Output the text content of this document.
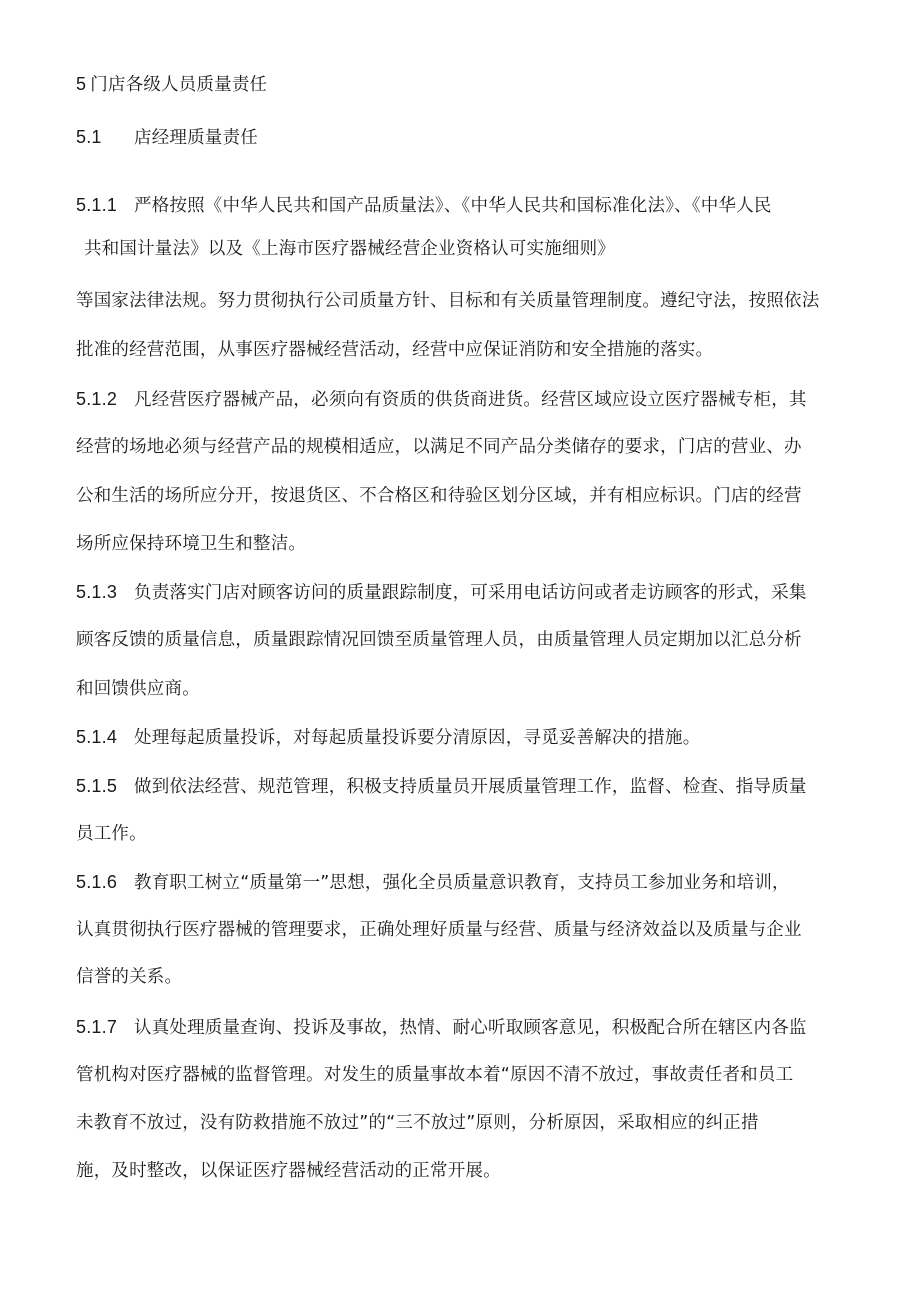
5 门店各级人员质量责任
5.1 店经理质量责任
5.1.1 严格按照《中华人民共和国产品质量法》、《中华人民共和国标准化法》、《中华人民
共和国计量法》以及《上海市医疗器械经营企业资格认可实施细则》
等国家法律法规。努力贯彻执行公司质量方针、目标和有关质量管理制度。遵纪守法，按照依法
批准的经营范围，从事医疗器械经营活动，经营中应保证消防和安全措施的落实。
5.1.2 凡经营医疗器械产品，必须向有资质的供货商进货。经营区域应设立医疗器械专柜，其
经营的场地必须与经营产品的规模相适应，以满足不同产品分类储存的要求，门店的营业、办
公和生活的场所应分开，按退货区、不合格区和待验区划分区域，并有相应标识。门店的经营
场所应保持环境卫生和整洁。
5.1.3 负责落实门店对顾客访问的质量跟踪制度，可采用电话访问或者走访顾客的形式，采集
顾客反馈的质量信息，质量跟踪情况回馈至质量管理人员，由质量管理人员定期加以汇总分析
和回馈供应商。
5.1.4 处理每起质量投诉，对每起质量投诉要分清原因，寻觅妥善解决的措施。
5.1.5 做到依法经营、规范管理，积极支持质量员开展质量管理工作，监督、检查、指导质量
员工作。
5.1.6 教育职工树立“质量第一”思想，强化全员质量意识教育，支持员工参加业务和培训，
认真贯彻执行医疗器械的管理要求，正确处理好质量与经营、质量与经济效益以及质量与企业
信誉的关系。
5.1.7 认真处理质量查询、投诉及事故，热情、耐心听取顾客意见，积极配合所在辖区内各监
管机构对医疗器械的监督管理。对发生的质量事故本着“原因不清不放过，事故责任者和员工
未教育不放过，没有防救措施不放过”的“三不放过”原则，分析原因，采取相应的纠正措
施，及时整改，以保证医疗器械经营活动的正常开展。
